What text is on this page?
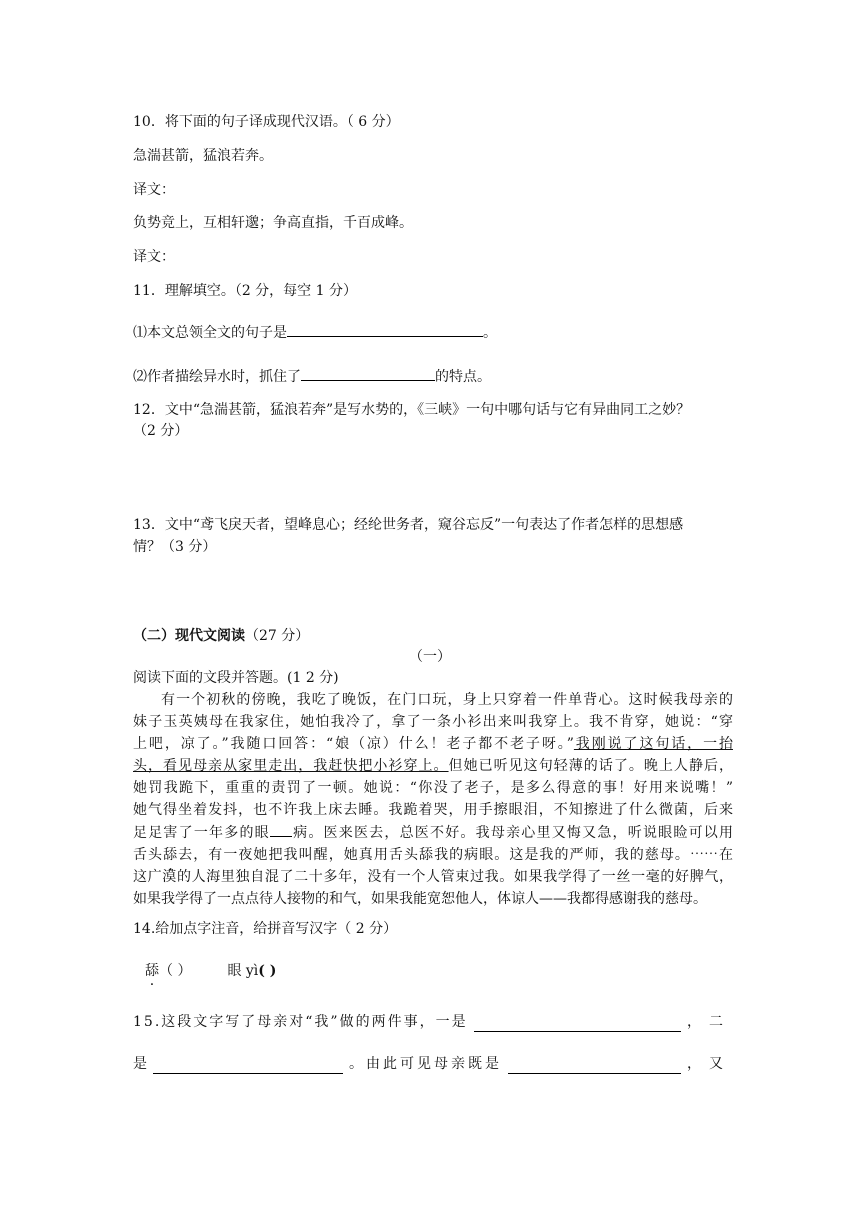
10．将下面的句子译成现代汉语。（ 6 分）
急湍甚箭，猛浪若奔。
译文：
负势竞上，互相轩邈；争高直指，千百成峰。
译文：
11．理解填空。（2 分，每空 1 分）
⑴本文总领全文的句子是	。
⑵作者描绘异水时，抓住了	的特点。
12．文中“急湍甚箭，猛浪若奔”是写水势的，《三峡》一句中哪句话与它有异曲同工之妙？
（2 分）
13．文中“鸢飞戾天者，望峰息心；经纶世务者，窥谷忘反”一句表达了作者怎样的思想感
情？（3 分）
（二）现代文阅读（27 分）
（一）
阅读下面的文段并答题。(1 2 分)
有一个初秋的傍晚，我吃了晚饭，在门口玩，身上只穿着一件单背心。这时候我母亲的
妹子玉英姨母在我家住，她怕我冷了，拿了一条小衫出来叫我穿上。我不肯穿，她说：“穿
上吧，凉了。”我随口回答：“娘（凉）什么！老子都不老子呀。”我刚说了这句话，一抬
头，看见母亲从家里走出，我赶快把小衫穿上。但她已听见这句轻薄的话了。晚上人静后，
她罚我跪下，重重的责罚了一顿。她说：“你没了老子，是多么得意的事！好用来说嘴！”
她气得坐着发抖，也不许我上床去睡。我跪着哭，用手擦眼泪，不知擦进了什么微菌，后来
足足害了一年多的眼 病。医来医去，总医不好。我母亲心里又悔又急，听说眼睑可以用
舌头舔去，有一夜她把我叫醒，她真用舌头舔我的病眼。这是我的严师，我的慈母。⋯⋯在
这广漠的人海里独自混了二十多年，没有一个人管束过我。如果我学得了一丝一毫的好脾气，
如果我学得了一点点待人接物的和气，如果我能宽恕他人，体谅人——我都得感谢我的慈母。
14.给加点字注音，给拼音写汉字（ 2 分）
舔（ ）	眼 yì( )
15.这段文字写了母亲对“我”做的两件事，一是	，二
是	。由此可见母亲既是	，又
